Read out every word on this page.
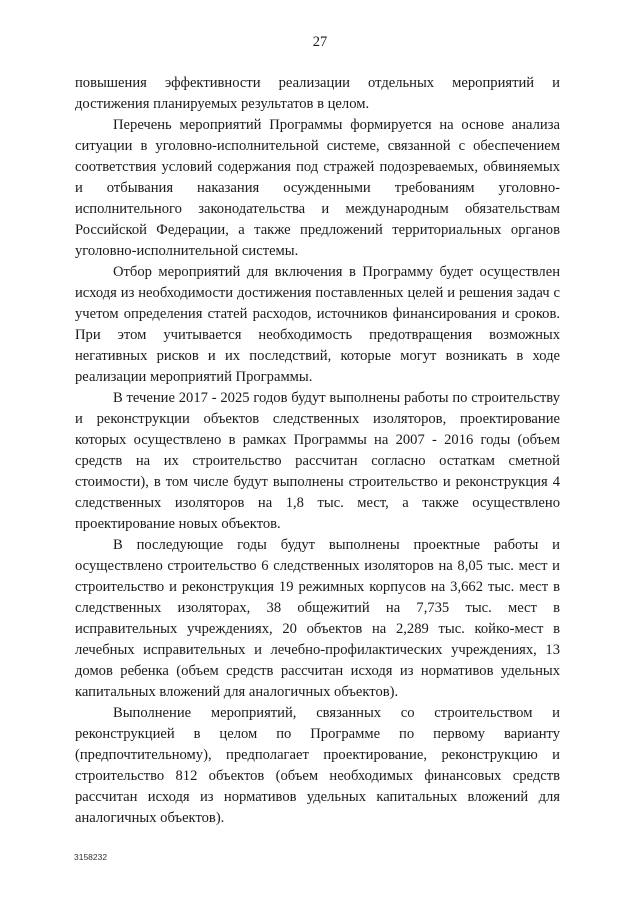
27

повышения эффективности реализации отдельных мероприятий и достижения планируемых результатов в целом.

Перечень мероприятий Программы формируется на основе анализа ситуации в уголовно-исполнительной системе, связанной с обеспечением соответствия условий содержания под стражей подозреваемых, обвиняемых и отбывания наказания осужденными требованиям уголовно-исполнительного законодательства и международным обязательствам Российской Федерации, а также предложений территориальных органов уголовно-исполнительной системы.

Отбор мероприятий для включения в Программу будет осуществлен исходя из необходимости достижения поставленных целей и решения задач с учетом определения статей расходов, источников финансирования и сроков. При этом учитывается необходимость предотвращения возможных негативных рисков и их последствий, которые могут возникать в ходе реализации мероприятий Программы.

В течение 2017 - 2025 годов будут выполнены работы по строительству и реконструкции объектов следственных изоляторов, проектирование которых осуществлено в рамках Программы на 2007 - 2016 годы (объем средств на их строительство рассчитан согласно остаткам сметной стоимости), в том числе будут выполнены строительство и реконструкция 4 следственных изоляторов на 1,8 тыс. мест, а также осуществлено проектирование новых объектов.

В последующие годы будут выполнены проектные работы и осуществлено строительство 6 следственных изоляторов на 8,05 тыс. мест и строительство и реконструкция 19 режимных корпусов на 3,662 тыс. мест в следственных изоляторах, 38 общежитий на 7,735 тыс. мест в исправительных учреждениях, 20 объектов на 2,289 тыс. койко-мест в лечебных исправительных и лечебно-профилактических учреждениях, 13 домов ребенка (объем средств рассчитан исходя из нормативов удельных капитальных вложений для аналогичных объектов).

Выполнение мероприятий, связанных со строительством и реконструкцией в целом по Программе по первому варианту (предпочтительному), предполагает проектирование, реконструкцию и строительство 812 объектов (объем необходимых финансовых средств рассчитан исходя из нормативов удельных капитальных вложений для аналогичных объектов).

3158232
